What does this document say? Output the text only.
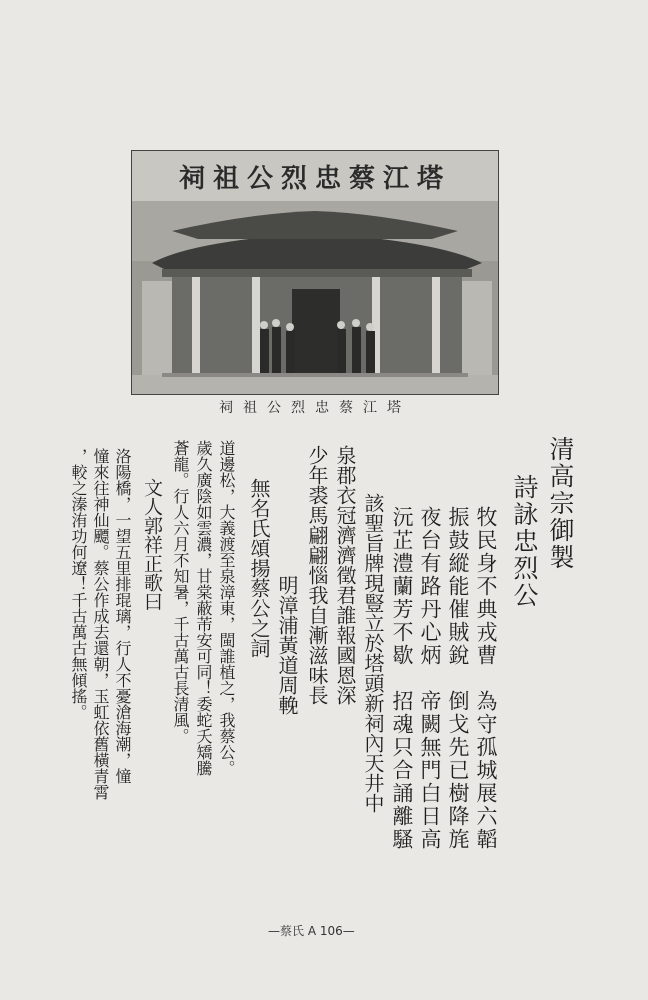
塔江蔡忠烈公祖祠
塔江蔡忠烈公祖祠
清高宗御製
詩詠忠烈公
牧民身不典戎曹　為守孤城展六韜
振鼓縱能催賊銳　倒戈先已樹降旄
夜台有路丹心炳　帝闕無門白日高
沅芷澧蘭芳不歇　招魂只合誦離騷
該聖旨牌現豎立於塔頭新祠內天井中
泉郡衣冠濟濟徵君誰報國恩深
少年裘馬翩翩惱我自漸滋味長
明漳浦黃道周輓
無名氏頌揚蔡公之詞
道邊松，大義渡至泉漳東，閩誰植之，我蔡公。
歲久廣陰如雲濃，甘棠蔽芾安可同！委蛇夭矯騰
蒼龍。行人六月不知暑，千古萬古長清風。
文人郭祥正歌曰
洛陽橋，一望五里排琨璃，行人不憂滄海潮，憧
憧來往神仙飃。蔡公作成去還朝，玉虹依舊橫青霄
，較之溱洧功何遼！千古萬古無傾搖。
—蔡氏 A 106—
